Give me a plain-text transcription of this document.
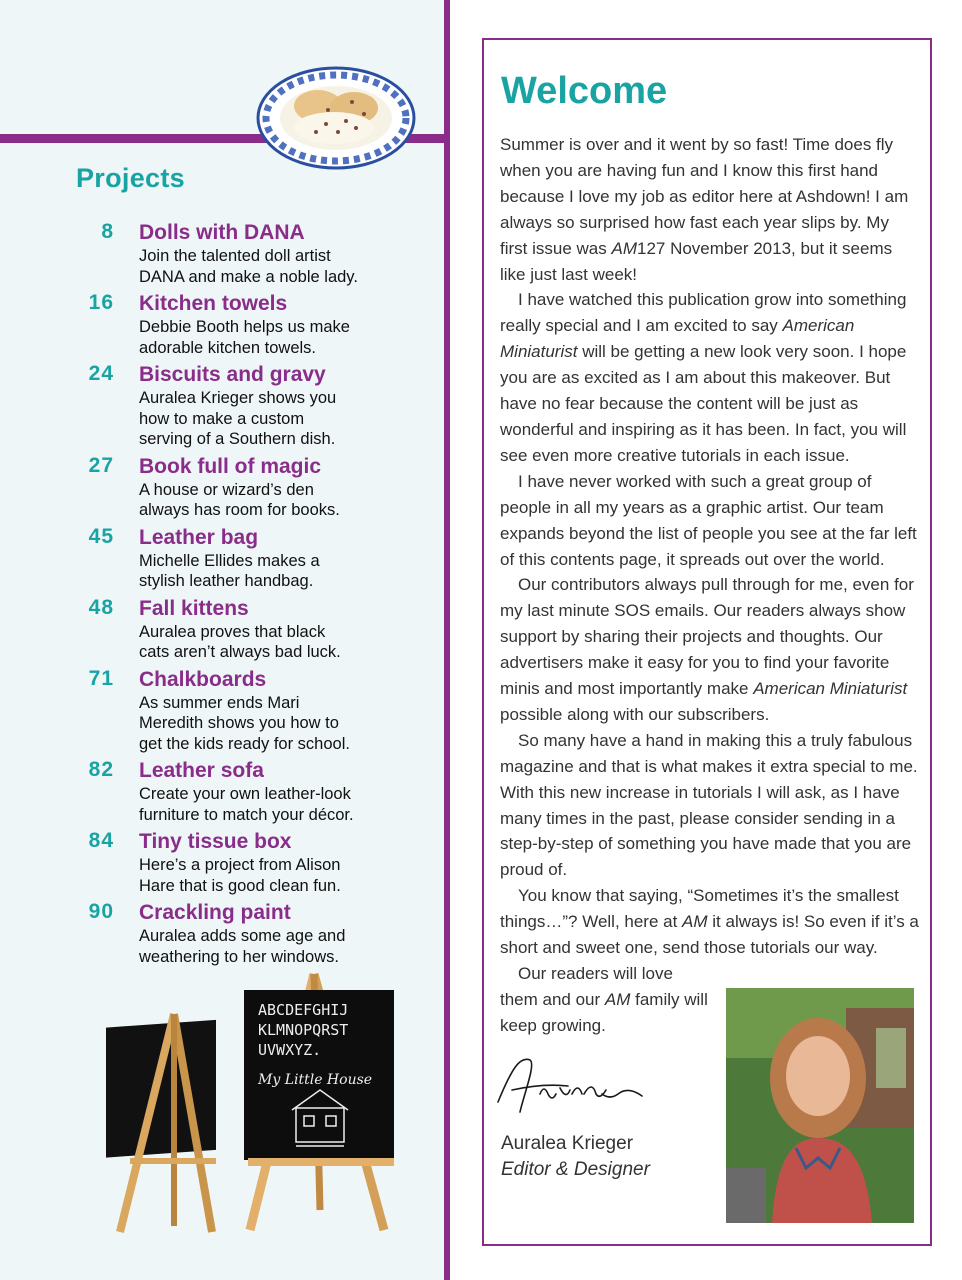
Projects
8 Dolls with DANA
Join the talented doll artist
DANA and make a noble lady.
16 Kitchen towels
Debbie Booth helps us make
adorable kitchen towels.
24 Biscuits and gravy
Auralea Krieger shows you
how to make a custom
serving of a Southern dish.
27 Book full of magic
A house or wizard’s den
always has room for books.
45 Leather bag
Michelle Ellides makes a
stylish leather handbag.
48 Fall kittens
Auralea proves that black
cats aren’t always bad luck.
71 Chalkboards
As summer ends Mari
Meredith shows you how to
get the kids ready for school.
82 Leather sofa
Create your own leather-look
furniture to match your décor.
84 Tiny tissue box
Here’s a project from Alison
Hare that is good clean fun.
90 Crackling paint
Auralea adds some age and
weathering to her windows.
ABCDEFGHIJ
KLMNOPQRST
UVWXYZ.
My Little House
Welcome

Summer is over and it went by so fast! Time does fly when you are having fun and I know this first hand because I love my job as editor here at Ashdown! I am always so surprised how fast each year slips by. My first issue was AM127 November 2013, but it seems like just last week!

I have watched this publication grow into something really special and I am excited to say American Miniaturist will be getting a new look very soon. I hope you are as excited as I am about this makeover. But have no fear because the content will be just as wonderful and inspiring as it has been. In fact, you will see even more creative tutorials in each issue.

I have never worked with such a great group of people in all my years as a graphic artist. Our team expands beyond the list of people you see at the far left of this contents page, it spreads out over the world.

Our contributors always pull through for me, even for my last minute SOS emails. Our readers always show support by sharing their projects and thoughts. Our advertisers make it easy for you to find your favorite minis and most importantly make American Miniaturist possible along with our subscribers.

So many have a hand in making this a truly fabulous magazine and that is what makes it extra special to me. With this new increase in tutorials I will ask, as I have many times in the past, please consider sending in a step-by-step of something you have made that you are proud of.

You know that saying, “Sometimes it’s the smallest things…”? Well, here at AM it always is! So even if it’s a short and sweet one, send those tutorials our way.

Our readers will love them and our AM family will keep growing.

Auralea Krieger
Editor & Designer
